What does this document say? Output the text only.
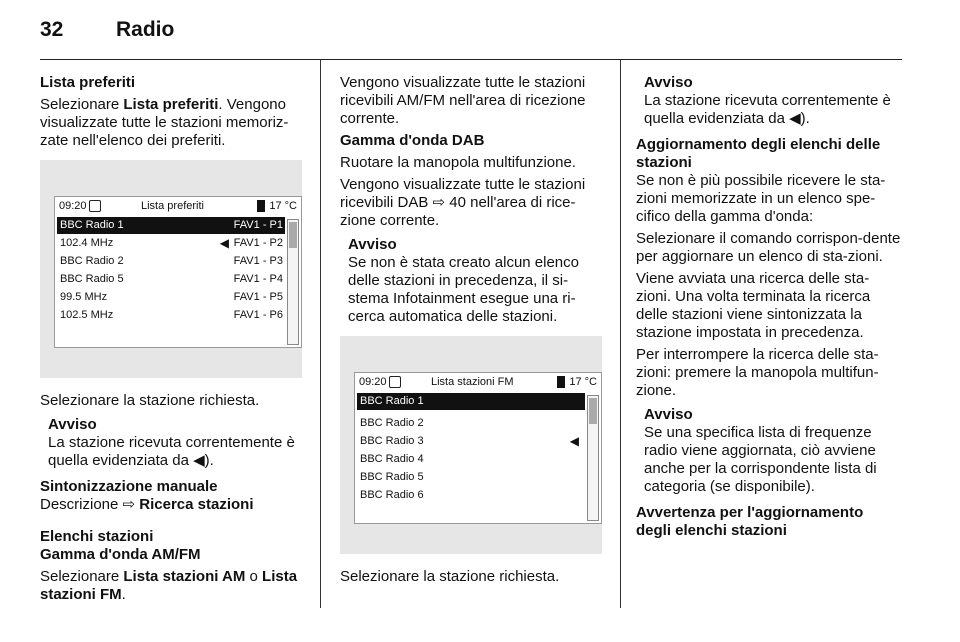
32	Radio

Lista preferiti

Selezionare Lista preferiti. Vengono visualizzate tutte le stazioni memoriz-zate nell'elenco dei preferiti.

09:20	Lista preferiti	17 °C
BBC Radio 1	FAV1 - P1
102.4 MHz	FAV1 - P2
◀
BBC Radio 2	FAV1 - P3
BBC Radio 5	FAV1 - P4
99.5 MHz	FAV1 - P5
102.5 MHz	FAV1 - P6

Selezionare la stazione richiesta.

Avviso

La stazione ricevuta correntemente è quella evidenziata da ◀).

Sintonizzazione manuale

Descrizione ⇨ Ricerca stazioni

Elenchi stazioni

Gamma d'onda AM/FM

Selezionare Lista stazioni AM o Lista stazioni FM.

Vengono visualizzate tutte le stazioni ricevibili AM/FM nell'area di ricezione corrente.

Gamma d'onda DAB

Ruotare la manopola multifunzione.

Vengono visualizzate tutte le stazioni ricevibili DAB ⇨ 40 nell'area di rice-zione corrente.

Avviso

Se non è stata creato alcun elenco delle stazioni in precedenza, il si-stema Infotainment esegue una ri-cerca automatica delle stazioni.

09:20	Lista stazioni FM	17 °C
BBC Radio 1
BBC Radio 2
BBC Radio 3	◀
BBC Radio 4
BBC Radio 5
BBC Radio 6

Selezionare la stazione richiesta.

Avviso

La stazione ricevuta correntemente è quella evidenziata da ◀).

Aggiornamento degli elenchi delle stazioni

Se non è più possibile ricevere le sta-zioni memorizzate in un elenco spe-cifico della gamma d'onda:

Selezionare il comando corrispon-dente per aggiornare un elenco di sta-zioni.

Viene avviata una ricerca delle sta-zioni. Una volta terminata la ricerca delle stazioni viene sintonizzata la stazione impostata in precedenza.

Per interrompere la ricerca delle sta-zioni: premere la manopola multifun-zione.

Avviso

Se una specifica lista di frequenze radio viene aggiornata, ciò avviene anche per la corrispondente lista di categoria (se disponibile).

Avvertenza per l'aggiornamento degli elenchi stazioni
